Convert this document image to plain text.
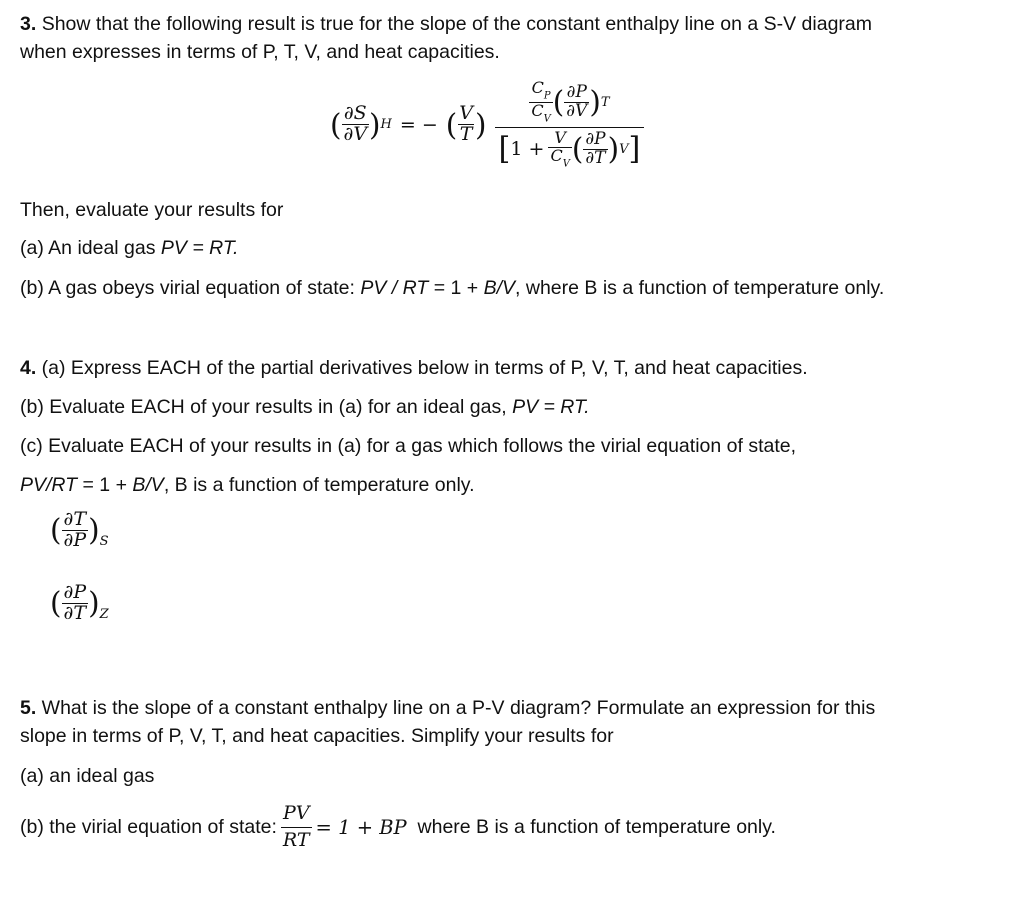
3. Show that the following result is true for the slope of the constant enthalpy line on a S-V diagram
when expresses in terms of P, T, V, and heat capacities.
( $\frac{\partial S}{\partial V}$ ) H = − ( $\frac{V}{T}$ )	$\frac{C_P}{C_V}$ ( $\frac{\partial P}{\partial V}$ ) T
[ $1 + \frac{V}{C_V}$ ( $\frac{\partial P}{\partial T}$ ) V ]
Then, evaluate your results for
(a) An ideal gas PV = RT.
(b) A gas obeys virial equation of state: PV / RT = 1 + B/V, where B is a function of temperature only.
4. (a) Express EACH of the partial derivatives below in terms of P, V, T, and heat capacities.
(b) Evaluate EACH of your results in (a) for an ideal gas, PV = RT.
(c) Evaluate EACH of your results in (a) for a gas which follows the virial equation of state,
PV/RT = 1 + B/V, B is a function of temperature only.
( $\frac{\partial T}{\partial P}$ ) S
( $\frac{\partial P}{\partial T}$ ) Z
5. What is the slope of a constant enthalpy line on a P-V diagram? Formulate an expression for this
slope in terms of P, V, T, and heat capacities. Simplify your results for
(a) an ideal gas
(b) the virial equation of state: $\frac{PV}{RT} = 1$ + BP where B is a function of temperature only.
